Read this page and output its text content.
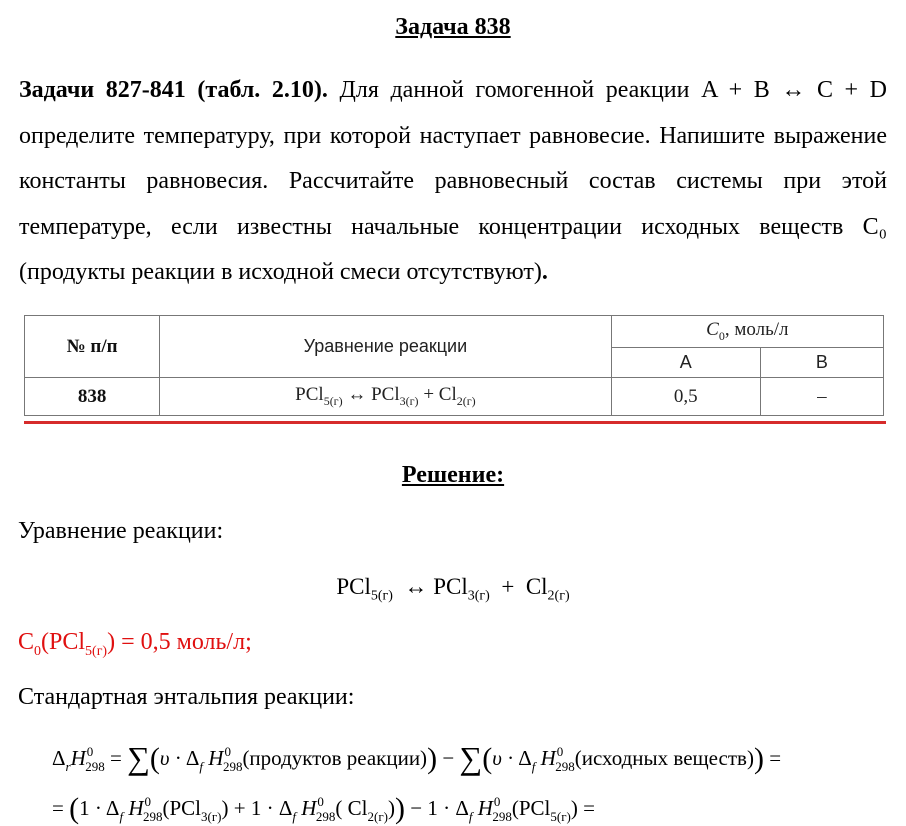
Задача 838
Задачи 827-841 (табл. 2.10). Для данной гомогенной реакции A + B ↔ C + D определите температуру, при которой наступает равновесие. Напишите выражение константы равновесия. Рассчитайте равновесный состав системы при этой температуре, если известны начальные концентрации исходных веществ C₀ (продукты реакции в исходной смеси отсутствуют).
№ п/п	Уравнение реакции	$C_0$, моль/л	
		А	В
838	PCl$_{5(г)}$ ↔ $PCl_{3(г)} + Cl_{2(г)}$	0,5	–
Решение:
Уравнение реакции:
PCl$_{5(г)}$  ↔ $PCl_{3(г)} + Cl_{2(г)}$
$C_0(PCl_{5(г)}) = 0,5$ моль/л;
Стандартная энтальпия реакции:
$\Delta_rH^0_{298} = \sum(\upsilon \cdot \Delta_f$ $H^0_{298}(продуктов$ реакции)) − $\sum(\upsilon \cdot \Delta_f$ $H^0_{298}(исходных$ веществ)) =
= ($1 \cdot \Delta_f$ $H^0_{298}(PCl_{3(г)}) + 1 \cdot \Delta_f$ $H^0_{298}$( $Cl_{2(г)})) - 1 \cdot \Delta_f$ $H^0_{298}(PCl_{5(г)})$ =
